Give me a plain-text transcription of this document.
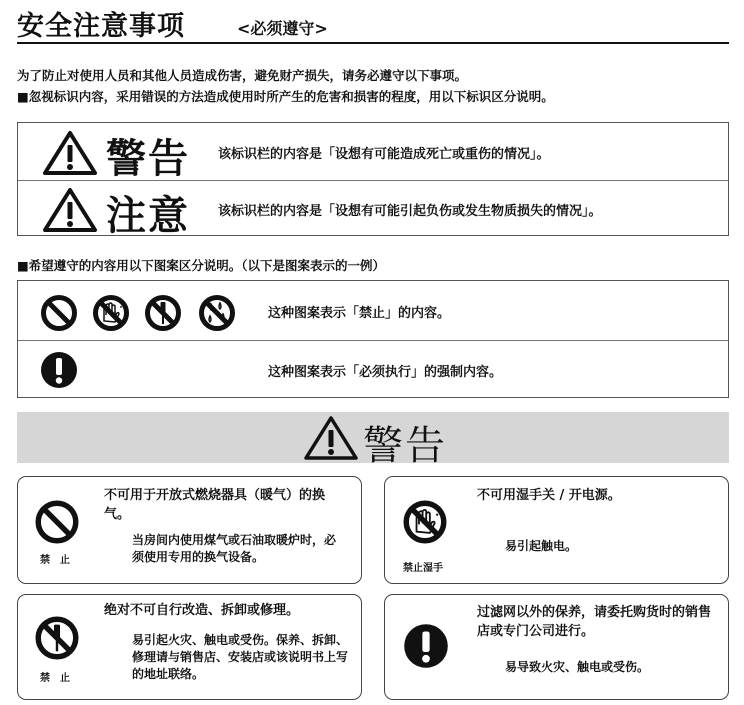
安全注意事项	<必须遵守>
为了防止对使用人员和其他人员造成伤害，避免财产损失，请务必遵守以下事项。
■忽视标识内容，采用错误的方法造成使用时所产生的危害和损害的程度，用以下标识区分说明。
警告 该标识栏的内容是「设想有可能造成死亡或重伤的情况」。
注意 该标识栏的内容是「设想有可能引起负伤或发生物质损失的情况」。
■希望遵守的内容用以下图案区分说明。（以下是图案表示的一例）
这种图案表示「禁止」的内容。
这种图案表示「必须执行」的强制内容。
警告
禁　止
不可用于开放式燃烧器具（暖气）的换气。
当房间内使用煤气或石油取暖炉时，必须使用专用的换气设备。
禁止湿手
不可用湿手关 / 开电源。
易引起触电。
禁　止
绝对不可自行改造、拆卸或修理。
易引起火灾、触电或受伤。保养、拆卸、修理请与销售店、安装店或该说明书上写的地址联络。
过滤网以外的保养，请委托购货时的销售店或专门公司进行。
易导致火灾、触电或受伤。
